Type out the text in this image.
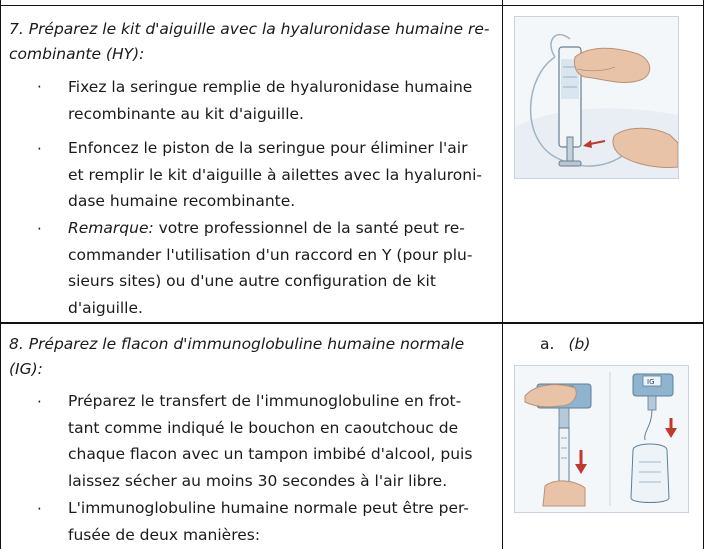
7. Préparez le kit d'aiguille avec la hyaluronidase humaine re-
combinante (HY):
· Fixez la seringue remplie de hyaluronidase humaine
recombinante au kit d'aiguille.
· Enfoncez le piston de la seringue pour éliminer l'air
et remplir le kit d'aiguille à ailettes avec la hyaluroni-
dase humaine recombinante.
· Remarque: votre professionnel de la santé peut re-
commander l'utilisation d'un raccord en Y (pour plu-
sieurs sites) ou d'une autre configuration de kit
d'aiguille.
8. Préparez le flacon d'immunoglobuline humaine normale
(IG):
· Préparez le transfert de l'immunoglobuline en frot-
tant comme indiqué le bouchon en caoutchouc de
chaque flacon avec un tampon imbibé d'alcool, puis
laissez sécher au moins 30 secondes à l'air libre.
· L'immunoglobuline humaine normale peut être per-
fusée de deux manières:
a. (b)
IG
